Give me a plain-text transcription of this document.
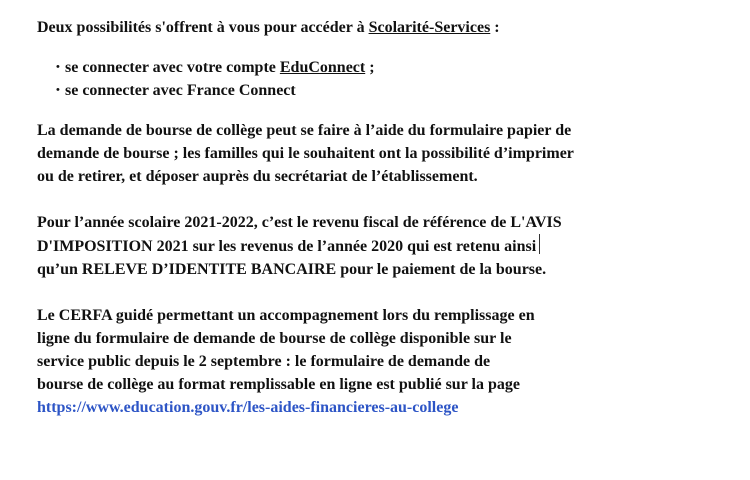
Deux possibilités s'offrent à vous pour accéder à Scolarité-Services :

• se connecter avec votre compte EduConnect ;
• se connecter avec France Connect
La demande de bourse de collège peut se faire à l’aide du formulaire papier de
demande de bourse ; les familles qui le souhaitent ont la possibilité d’imprimer
ou de retirer, et déposer auprès du secrétariat de l’établissement.
Pour l’année scolaire 2021-2022, c’est le revenu fiscal de référence de L'AVIS
D'IMPOSITION 2021 sur les revenus de l’année 2020 qui est retenu ainsi
qu’un RELEVE D’IDENTITE BANCAIRE pour le paiement de la bourse.
Le CERFA guidé permettant un accompagnement lors du remplissage en
ligne du formulaire de demande de bourse de collège disponible sur le
service public depuis le 2 septembre : le formulaire de demande de
bourse de collège au format remplissable en ligne est publié sur la page
https://www.education.gouv.fr/les-aides-financieres-au-college
